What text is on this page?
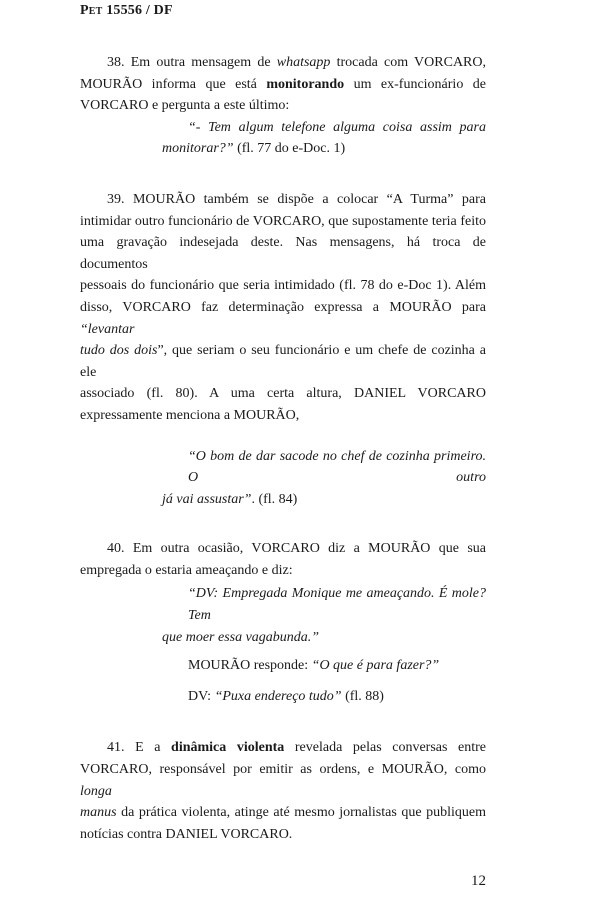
Pet 15556 / DF
38. Em outra mensagem de whatsapp trocada com VORCARO,
MOURÃO informa que está monitorando um ex-funcionário de
VORCARO e pergunta a este último:
“- Tem algum telefone alguma coisa assim para
monitorar?” (fl. 77 do e-Doc. 1)
39. MOURÃO também se dispõe a colocar “A Turma” para
intimidar outro funcionário de VORCARO, que supostamente teria feito
uma gravação indesejada deste. Nas mensagens, há troca de documentos
pessoais do funcionário que seria intimidado (fl. 78 do e-Doc 1). Além
disso, VORCARO faz determinação expressa a MOURÃO para “levantar
tudo dos dois”, que seriam o seu funcionário e um chefe de cozinha a ele
associado (fl. 80). A uma certa altura, DANIEL VORCARO
expressamente menciona a MOURÃO,
“O bom de dar sacode no chef de cozinha primeiro. O outro
já vai assustar”. (fl. 84)
40. Em outra ocasião, VORCARO diz a MOURÃO que sua
empregada o estaria ameaçando e diz:
“DV: Empregada Monique me ameaçando. É mole? Tem
que moer essa vagabunda.”
MOURÃO responde: “O que é para fazer?”
DV: “Puxa endereço tudo” (fl. 88)
41. E a dinâmica violenta revelada pelas conversas entre
VORCARO, responsável por emitir as ordens, e MOURÃO, como longa
manus da prática violenta, atinge até mesmo jornalistas que publiquem
notícias contra DANIEL VORCARO.
12
